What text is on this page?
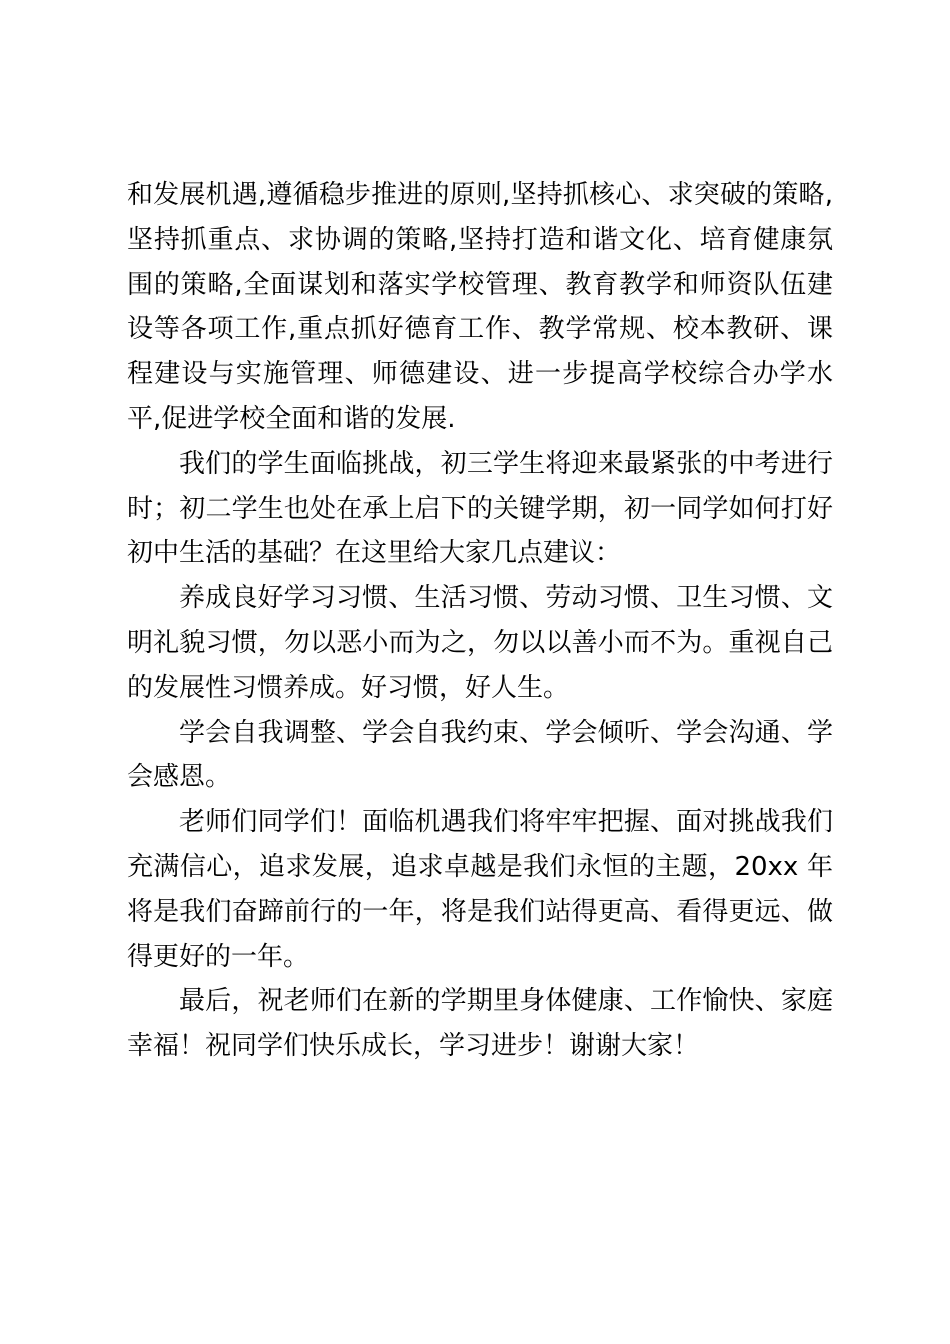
和发展机遇,遵循稳步推进的原则,坚持抓核心、求突破的策略,坚持抓重点、求协调的策略,坚持打造和谐文化、培育健康氛围的策略,全面谋划和落实学校管理、教育教学和师资队伍建设等各项工作,重点抓好德育工作、教学常规、校本教研、课程建设与实施管理、师德建设、进一步提高学校综合办学水平,促进学校全面和谐的发展.

我们的学生面临挑战，初三学生将迎来最紧张的中考进行时；初二学生也处在承上启下的关键学期，初一同学如何打好初中生活的基础？在这里给大家几点建议：

养成良好学习习惯、生活习惯、劳动习惯、卫生习惯、文明礼貌习惯，勿以恶小而为之，勿以以善小而不为。重视自己的发展性习惯养成。好习惯，好人生。

学会自我调整、学会自我约束、学会倾听、学会沟通、学会感恩。

老师们同学们！面临机遇我们将牢牢把握、面对挑战我们充满信心，追求发展，追求卓越是我们永恒的主题，20xx 年将是我们奋蹄前行的一年，将是我们站得更高、看得更远、做得更好的一年。

最后，祝老师们在新的学期里身体健康、工作愉快、家庭幸福！祝同学们快乐成长，学习进步！谢谢大家！
